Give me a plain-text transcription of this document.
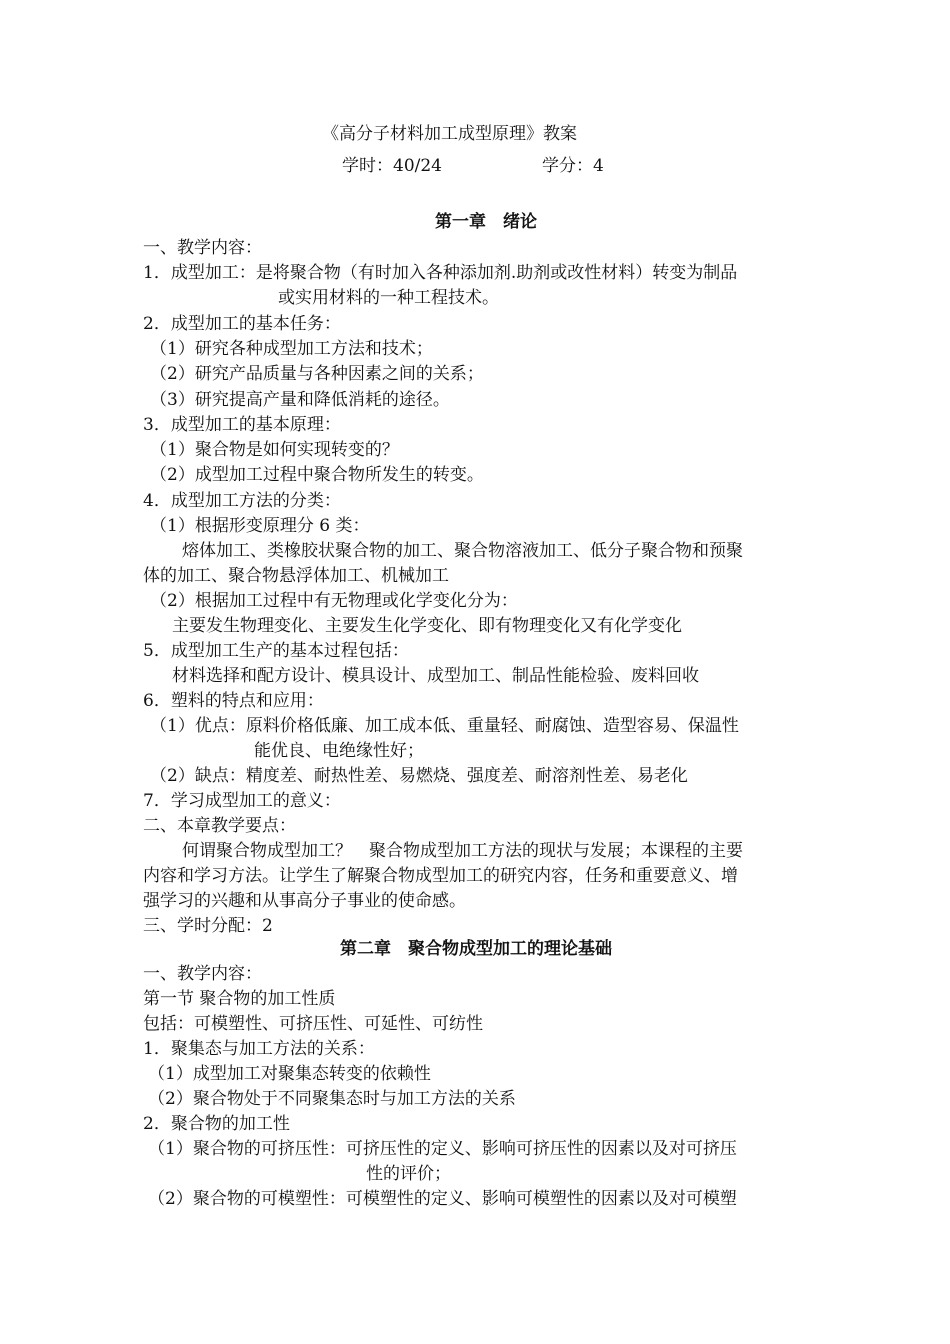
《高分子材料加工成型原理》教案
学时：40/24	学分：4
第一章　绪论
一、教学内容：
1．成型加工：是将聚合物（有时加入各种添加剂.助剂或改性材料）转变为制品
或实用材料的一种工程技术。
2．成型加工的基本任务：
（1）研究各种成型加工方法和技术；
（2）研究产品质量与各种因素之间的关系；
（3）研究提高产量和降低消耗的途径。
3．成型加工的基本原理：
（1）聚合物是如何实现转变的？
（2）成型加工过程中聚合物所发生的转变。
4．成型加工方法的分类：
（1）根据形变原理分 6 类：
熔体加工、类橡胶状聚合物的加工、聚合物溶液加工、低分子聚合物和预聚
体的加工、聚合物悬浮体加工、机械加工
（2）根据加工过程中有无物理或化学变化分为：
主要发生物理变化、主要发生化学变化、即有物理变化又有化学变化
5．成型加工生产的基本过程包括：
材料选择和配方设计、模具设计、成型加工、制品性能检验、废料回收
6．塑料的特点和应用：
（1）优点：原料价格低廉、加工成本低、重量轻、耐腐蚀、造型容易、保温性
能优良、电绝缘性好；
（2）缺点：精度差、耐热性差、易燃烧、强度差、耐溶剂性差、易老化
7．学习成型加工的意义：
二、本章教学要点：
何谓聚合物成型加工？　聚合物成型加工方法的现状与发展；本课程的主要
内容和学习方法。让学生了解聚合物成型加工的研究内容，任务和重要意义、增
强学习的兴趣和从事高分子事业的使命感。
三、学时分配：2
第二章　聚合物成型加工的理论基础
一、教学内容：
第一节 聚合物的加工性质
包括：可模塑性、可挤压性、可延性、可纺性
1．聚集态与加工方法的关系：
（1）成型加工对聚集态转变的依赖性
（2）聚合物处于不同聚集态时与加工方法的关系
2．聚合物的加工性
（1）聚合物的可挤压性：可挤压性的定义、影响可挤压性的因素以及对可挤压
性的评价；
（2）聚合物的可模塑性：可模塑性的定义、影响可模塑性的因素以及对可模塑
